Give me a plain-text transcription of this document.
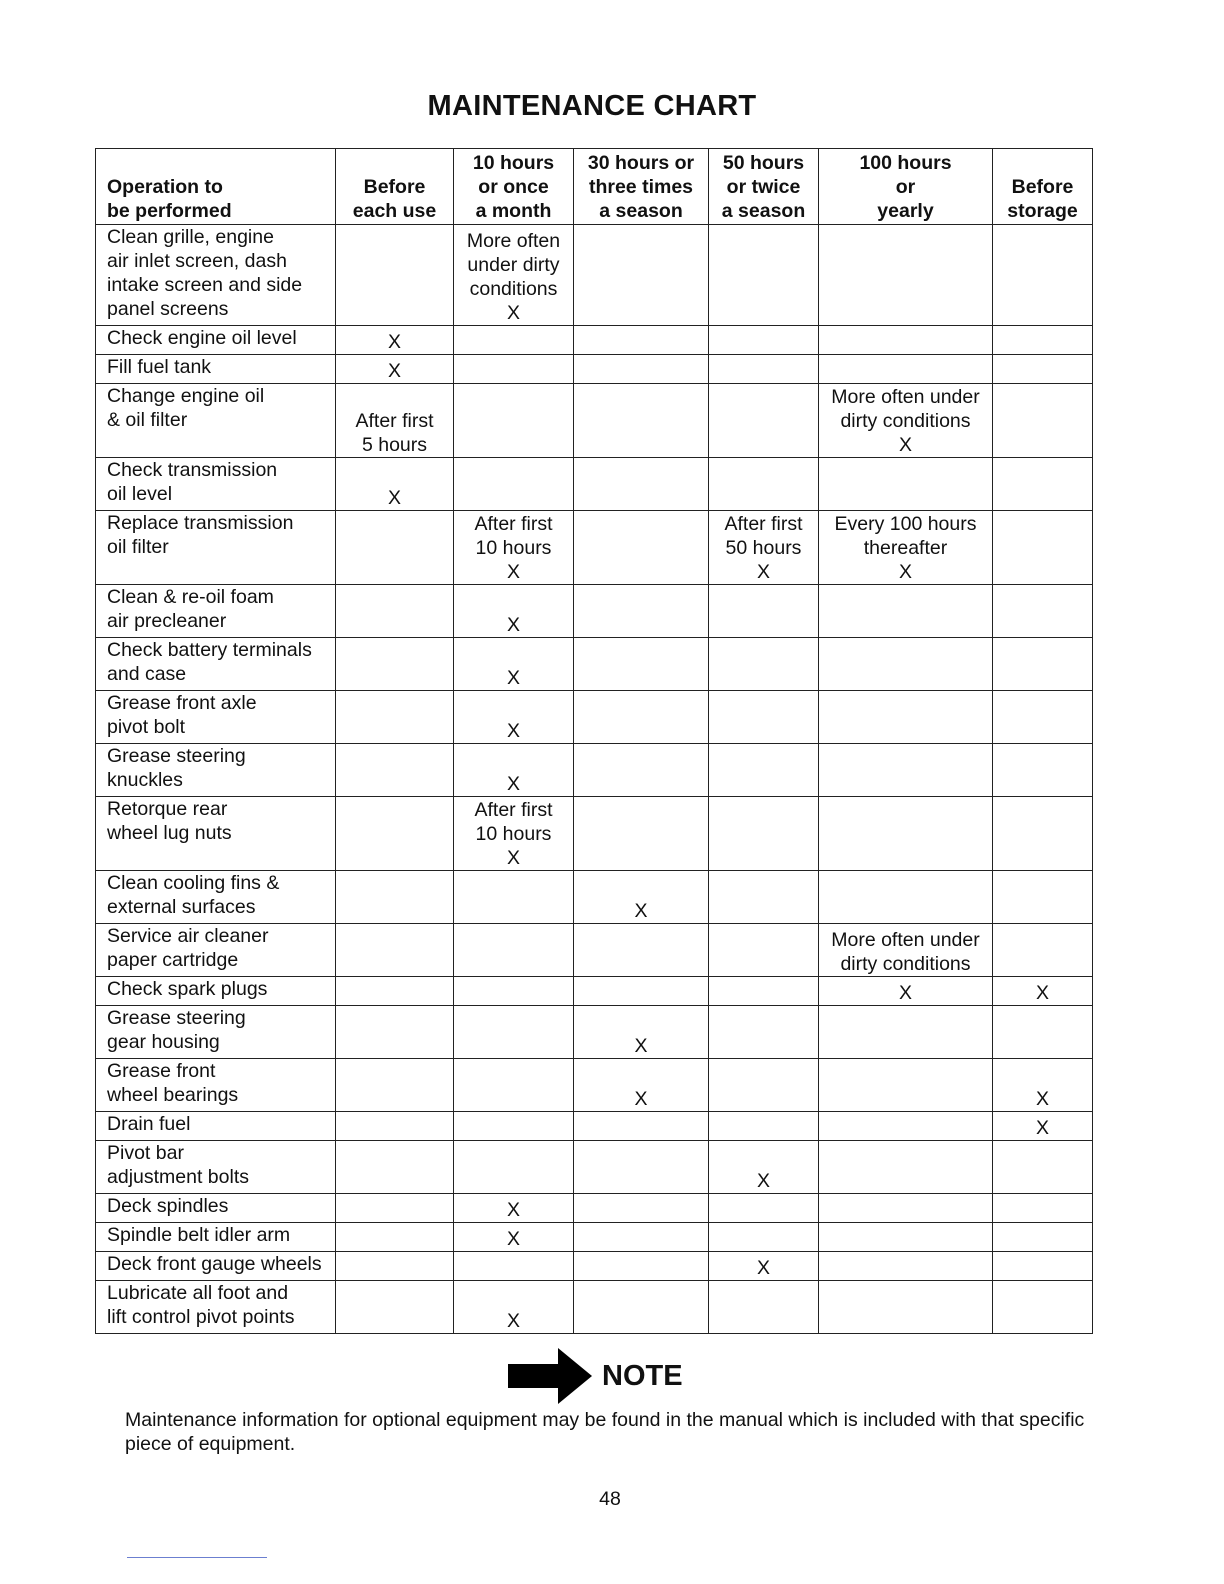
MAINTENANCE CHART
Operation to
be performed	Before
each use	10 hours
or once
a month	30 hours or
three times
a season	50 hours
or twice
a season	100 hours
or
yearly	Before
storage
Clean grille, engine
air inlet screen, dash
intake screen and side
panel screens		More often
under dirty
conditions
X				
Check engine oil level	X					
Fill fuel tank	X					
Change engine oil
& oil filter	After first
5 hours				More often under
dirty conditions
X	
Check transmission
oil level	X					
Replace transmission
oil filter		After first
10 hours
X		After first
50 hours
X	Every 100 hours
thereafter
X	
Clean & re-oil foam
air precleaner		X				
Check battery terminals
and case		X				
Grease front axle
pivot bolt		X				
Grease steering
knuckles		X				
Retorque rear
wheel lug nuts		After first
10 hours
X				
Clean cooling fins &
external surfaces			X			
Service air cleaner
paper cartridge					More often under
dirty conditions	
Check spark plugs					X	X
Grease steering
gear housing			X			
Grease front
wheel bearings			X			X
Drain fuel						X
Pivot bar
adjustment bolts				X		
Deck spindles		X				
Spindle belt idler arm		X				
Deck front gauge wheels				X		
Lubricate all foot and
lift control pivot points		X				
NOTE
Maintenance information for optional equipment may be found in the manual which is included with that specific piece of equipment.
48
